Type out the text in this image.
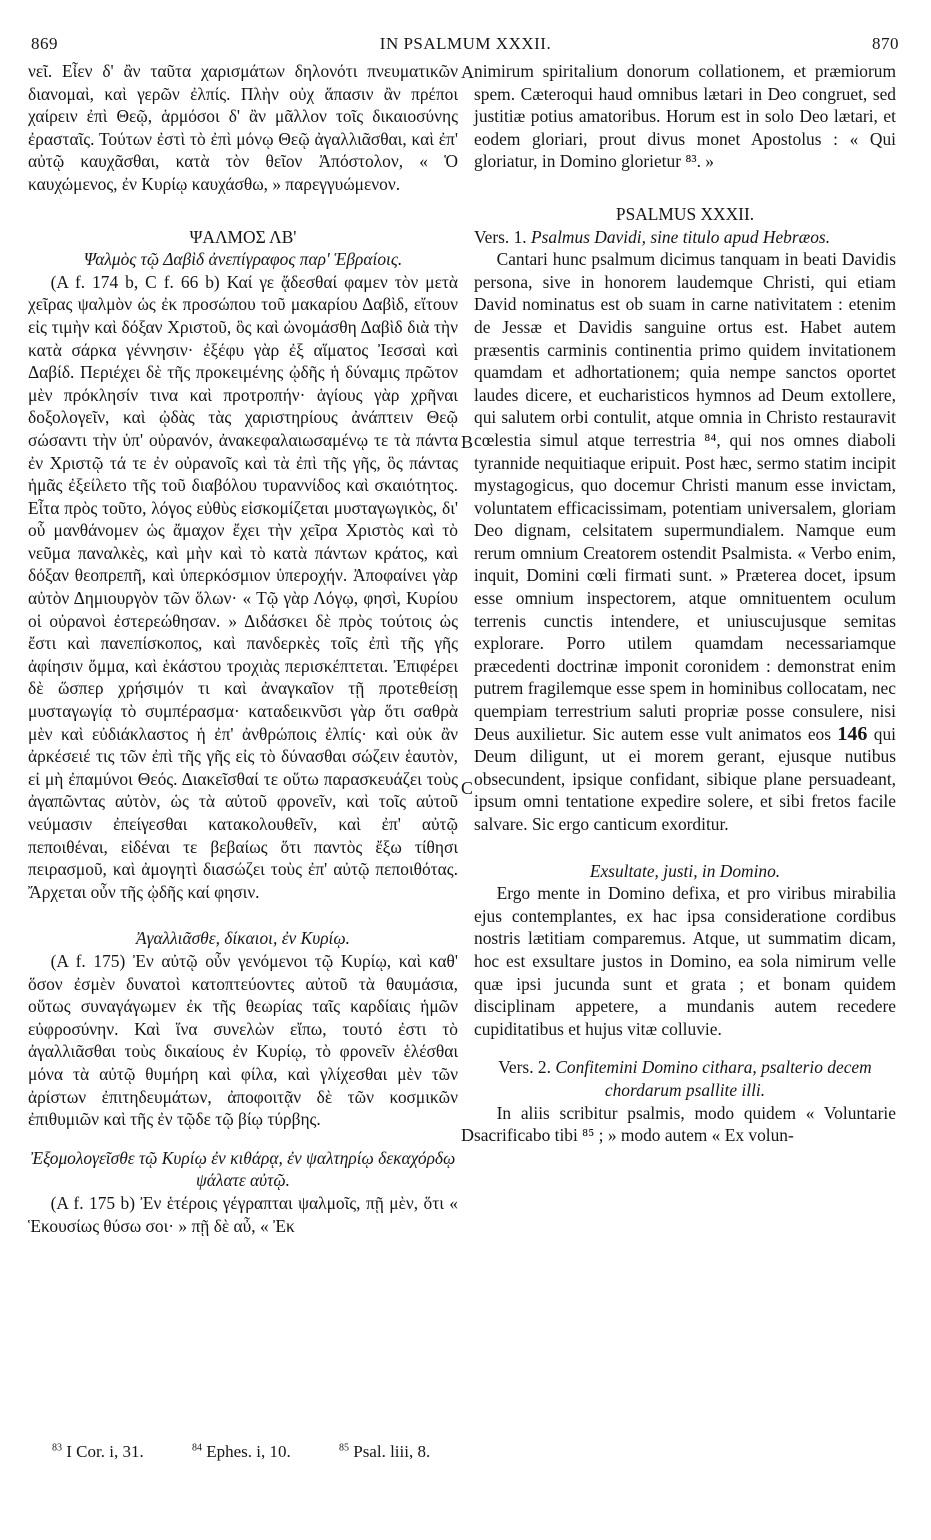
869	IN PSALMUM XXXII.	870

νεῖ. Εἶεν δ' ἂν ταῦτα χαρισμάτων δηλονότι πνευματικῶν διανομαὶ, καὶ γερῶν ἐλπίς. Πλὴν οὐχ ἅπασιν ἂν πρέποι χαίρειν ἐπὶ Θεῷ, ἁρμόσοι δ' ἂν μᾶλλον τοῖς δικαιοσύνης ἐρασταῖς. Τούτων ἐστὶ τὸ ἐπὶ μόνῳ Θεῷ ἀγαλλιᾶσθαι, καὶ ἐπ' αὐτῷ καυχᾶσθαι, κατὰ τὸν θεῖον Ἀπόστολον, « Ὁ καυχώμενος, ἐν Κυρίῳ καυχάσθω, » παρεγγυώμενον.

ΨΑΛΜΟΣ ΛΒ'
Ψαλμὸς τῷ Δαβὶδ ἀνεπίγραφος παρ' Ἑβραίοις.

(A f. 174 b, C f. 66 b) Καί γε ᾄδεσθαί φαμεν τὸν μετὰ χεῖρας ψαλμὸν ὡς ἐκ προσώπου τοῦ μακαρίου Δαβὶδ, εἴτουν εἰς τιμὴν καὶ δόξαν Χριστοῦ, ὃς καὶ ὠνομάσθη Δαβὶδ διὰ τὴν κατὰ σάρκα γέννησιν· ἐξέφυ γὰρ ἐξ αἵματος Ἰεσσαὶ καὶ Δαβίδ. Περιέχει δὲ τῆς προκειμένης ᾠδῆς ἡ δύναμις πρῶτον μὲν πρόκλησίν τινα καὶ προτροπήν· ἁγίους γὰρ χρῆναι δοξολογεῖν, καὶ ᾠδὰς τὰς χαριστηρίους ἀνάπτειν Θεῷ σώσαντι τὴν ὑπ' οὐρανόν, ἀνακεφαλαιωσαμένῳ τε τὰ πάντα ἐν Χριστῷ τά τε ἐν οὐρανοῖς καὶ τὰ ἐπὶ τῆς γῆς, ὃς πάντας ἡμᾶς ἐξείλετο τῆς τοῦ διαβόλου τυραννίδος καὶ σκαιότητος. Εἶτα πρὸς τοῦτο, λόγος εὐθὺς εἰσκομίζεται μυσταγωγικὸς, δι' οὗ μανθάνομεν ὡς ἄμαχον ἔχει τὴν χεῖρα Χριστὸς καὶ τὸ νεῦμα παναλκὲς, καὶ μὴν καὶ τὸ κατὰ πάντων κράτος, καὶ δόξαν θεοπρεπῆ, καὶ ὑπερκόσμιον ὑπεροχήν. Ἀποφαίνει γὰρ αὐτὸν Δημιουργὸν τῶν ὅλων· « Τῷ γὰρ Λόγῳ, φησὶ, Κυρίου οἱ οὐρανοὶ ἐστερεώθησαν. » Διδάσκει δὲ πρὸς τούτοις ὡς ἔστι καὶ πανεπίσκοπος, καὶ πανδερκὲς τοῖς ἐπὶ τῆς γῆς ἀφίησιν ὄμμα, καὶ ἑκάστου τροχιὰς περισκέπτεται. Ἐπιφέρει δὲ ὥσπερ χρήσιμόν τι καὶ ἀναγκαῖον τῇ προτεθείσῃ μυσταγωγίᾳ τὸ συμπέρασμα· καταδεικνῦσι γὰρ ὅτι σαθρὰ μὲν καὶ εὐδιάκλαστος ἡ ἐπ' ἀνθρώποις ἐλπίς· καὶ οὐκ ἂν ἀρκέσειέ τις τῶν ἐπὶ τῆς γῆς εἰς τὸ δύνασθαι σώζειν ἑαυτὸν, εἰ μὴ ἐπαμύνοι Θεός. Διακεῖσθαί τε οὕτω παρασκευάζει τοὺς ἀγαπῶντας αὐτὸν, ὡς τὰ αὐτοῦ φρονεῖν, καὶ τοῖς αὐτοῦ νεύμασιν ἐπείγεσθαι κατακολουθεῖν, καὶ ἐπ' αὐτῷ πεποιθέναι, εἰδέναι τε βεβαίως ὅτι παντὸς ἔξω τίθησι πειρασμοῦ, καὶ ἀμογητὶ διασώζει τοὺς ἐπ' αὐτῷ πεποιθότας. Ἄρχεται οὖν τῆς ᾠδῆς καί φησιν.

Ἀγαλλιᾶσθε, δίκαιοι, ἐν Κυρίῳ.

(A f. 175) Ἐν αὐτῷ οὖν γενόμενοι τῷ Κυρίῳ, καὶ καθ' ὅσον ἐσμὲν δυνατοὶ κατοπτεύοντες αὐτοῦ τὰ θαυμάσια, οὕτως συναγάγωμεν ἐκ τῆς θεωρίας ταῖς καρδίαις ἡμῶν εὐφροσύνην. Καὶ ἵνα συνελὼν εἴπω, τουτό ἐστι τὸ ἀγαλλιᾶσθαι τοὺς δικαίους ἐν Κυρίῳ, τὸ φρονεῖν ἑλέσθαι μόνα τὰ αὐτῷ θυμήρη καὶ φίλα, καὶ γλίχεσθαι μὲν τῶν ἀρίστων ἐπιτηδευμάτων, ἀποφοιτᾷν δὲ τῶν κοσμικῶν ἐπιθυμιῶν καὶ τῆς ἐν τῷδε τῷ βίῳ τύρβης.

Ἐξομολογεῖσθε τῷ Κυρίῳ ἐν κιθάρᾳ, ἐν ψαλτηρίῳ δεκαχόρδῳ ψάλατε αὐτῷ.

(A f. 175 b) Ἐν ἑτέροις γέγραπται ψαλμοῖς, πῇ μὲν, ὅτι « Ἑκουσίως θύσω σοι· » πῇ δὲ αὖ, « Ἐκ

nimirum spiritalium donorum collationem, et præmiorum spem. Cæteroqui haud omnibus lætari in Deo congruet, sed justitiæ potius amatoribus. Horum est in solo Deo lætari, et eodem gloriari, prout divus monet Apostolus : « Qui gloriatur, in Domino glorietur ⁸³. »

PSALMUS XXXII.

Vers. 1. Psalmus Davidi, sine titulo apud Hebræos.

Cantari hunc psalmum dicimus tanquam in beati Davidis persona, sive in honorem laudemque Christi, qui etiam David nominatus est ob suam in carne nativitatem : etenim de Jessæ et Davidis sanguine ortus est. Habet autem præsentis carminis continentia primo quidem invitationem quamdam et adhortationem; quia nempe sanctos oportet laudes dicere, et eucharisticos hymnos ad Deum extollere, qui salutem orbi contulit, atque omnia in Christo restauravit cœlestia simul atque terrestria ⁸⁴, qui nos omnes diaboli tyrannide nequitiaque eripuit. Post hæc, sermo statim incipit mystagogicus, quo docemur Christi manum esse invictam, voluntatem efficacissimam, potentiam universalem, gloriam Deo dignam, celsitatem supermundialem. Namque eum rerum omnium Creatorem ostendit Psalmista. « Verbo enim, inquit, Domini cœli firmati sunt. » Præterea docet, ipsum esse omnium inspectorem, atque omnituentem oculum terrenis cunctis intendere, et uniuscujusque semitas explorare. Porro utilem quamdam necessariamque præcedenti doctrinæ imponit coronidem : demonstrat enim putrem fragilemque esse spem in hominibus collocatam, nec quempiam terrestrium saluti propriæ posse consulere, nisi Deus auxilietur. Sic autem esse vult animatos eos 146 qui Deum diligunt, ut ei morem gerant, ejusque nutibus obsecundent, ipsique confidant, sibique plane persuadeant, ipsum omni tentatione expedire solere, et sibi fretos facile salvare. Sic ergo canticum exorditur.

Exsultate, justi, in Domino.

Ergo mente in Domino defixa, et pro viribus mirabilia ejus contemplantes, ex hac ipsa consideratione cordibus nostris lætitiam comparemus. Atque, ut summatim dicam, hoc est exsultare justos in Domino, ea sola nimirum velle quæ ipsi jucunda sunt et grata ; et bonam quidem disciplinam appetere, a mundanis autem recedere cupiditatibus et hujus vitæ colluvie.

Vers. 2. Confitemini Domino cithara, psalterio decem chordarum psallite illi.

In aliis scribitur psalmis, modo quidem « Voluntarie sacrificabo tibi ⁸⁵ ; » modo autem « Ex volun-

A
B
C
D
$^{83}$ I Cor. i, 31.	$^{84}$ Ephes. i, 10.	$^{85}$ Psal. liii, 8.
